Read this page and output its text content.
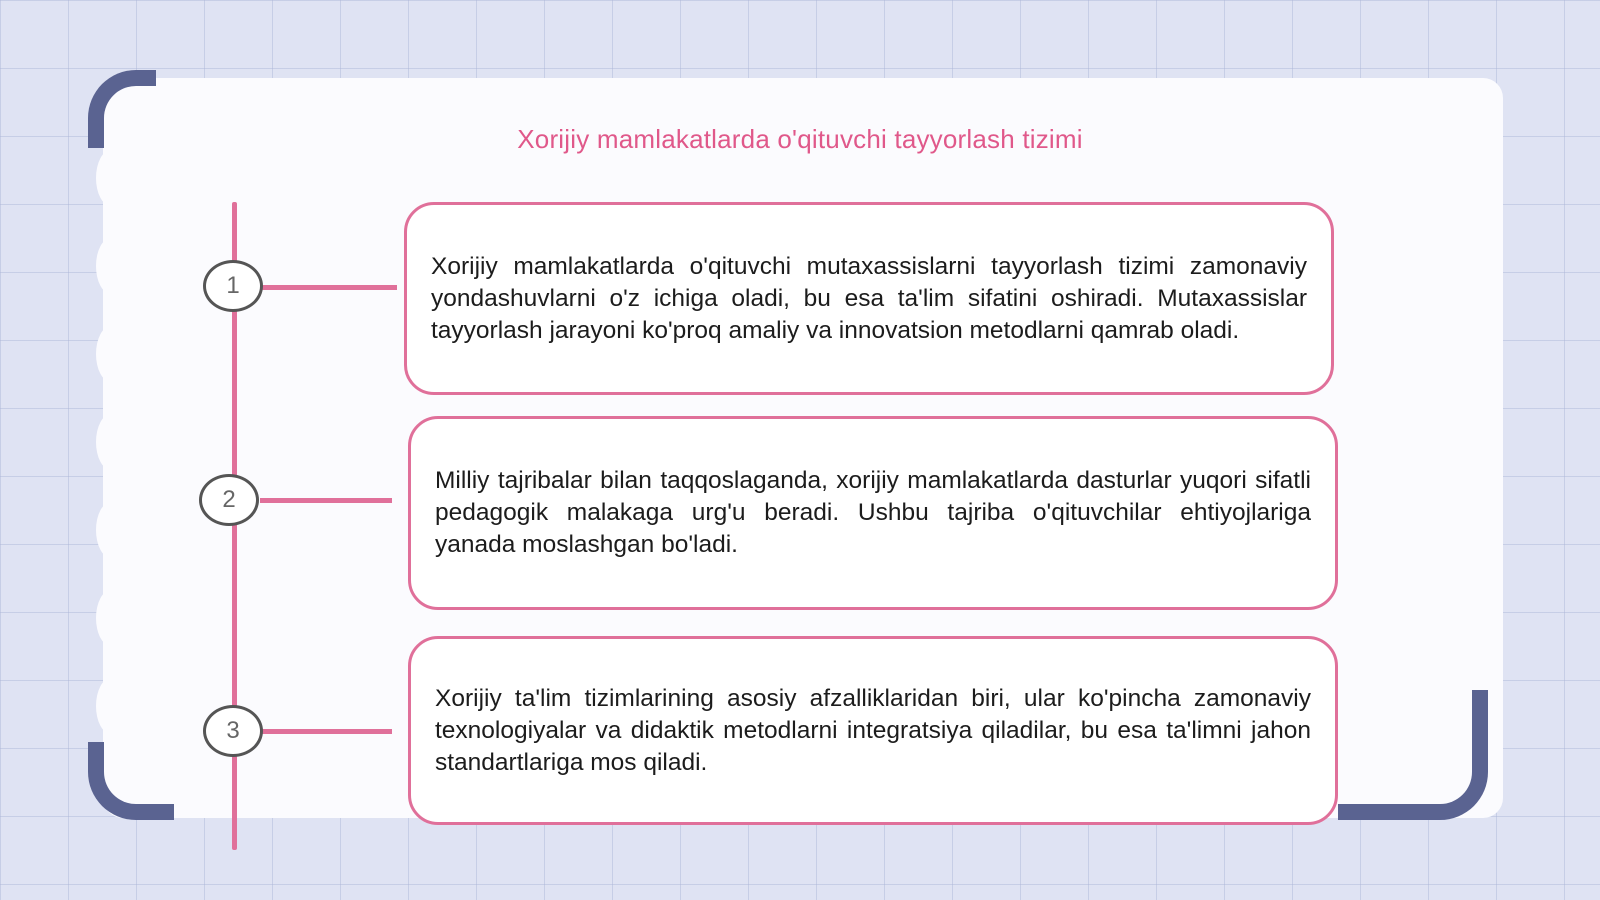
Xorijiy mamlakatlarda o'qituvchi tayyorlash tizimi
1
2
3

Xorijiy mamlakatlarda o'qituvchi mutaxassislarni tayyorlash tizimi zamonaviy yondashuvlarni o'z ichiga oladi, bu esa ta'lim sifatini oshiradi. Mutaxassislar tayyorlash jarayoni ko'proq amaliy va innovatsion metodlarni qamrab oladi.

Milliy tajribalar bilan taqqoslaganda, xorijiy mamlakatlarda dasturlar yuqori sifatli pedagogik malakaga urg'u beradi. Ushbu tajriba o'qituvchilar ehtiyojlariga yanada moslashgan bo'ladi.

Xorijiy ta'lim tizimlarining asosiy afzalliklaridan biri, ular ko'pincha zamonaviy texnologiyalar va didaktik metodlarni integratsiya qiladilar, bu esa ta'limni jahon standartlariga mos qiladi.
